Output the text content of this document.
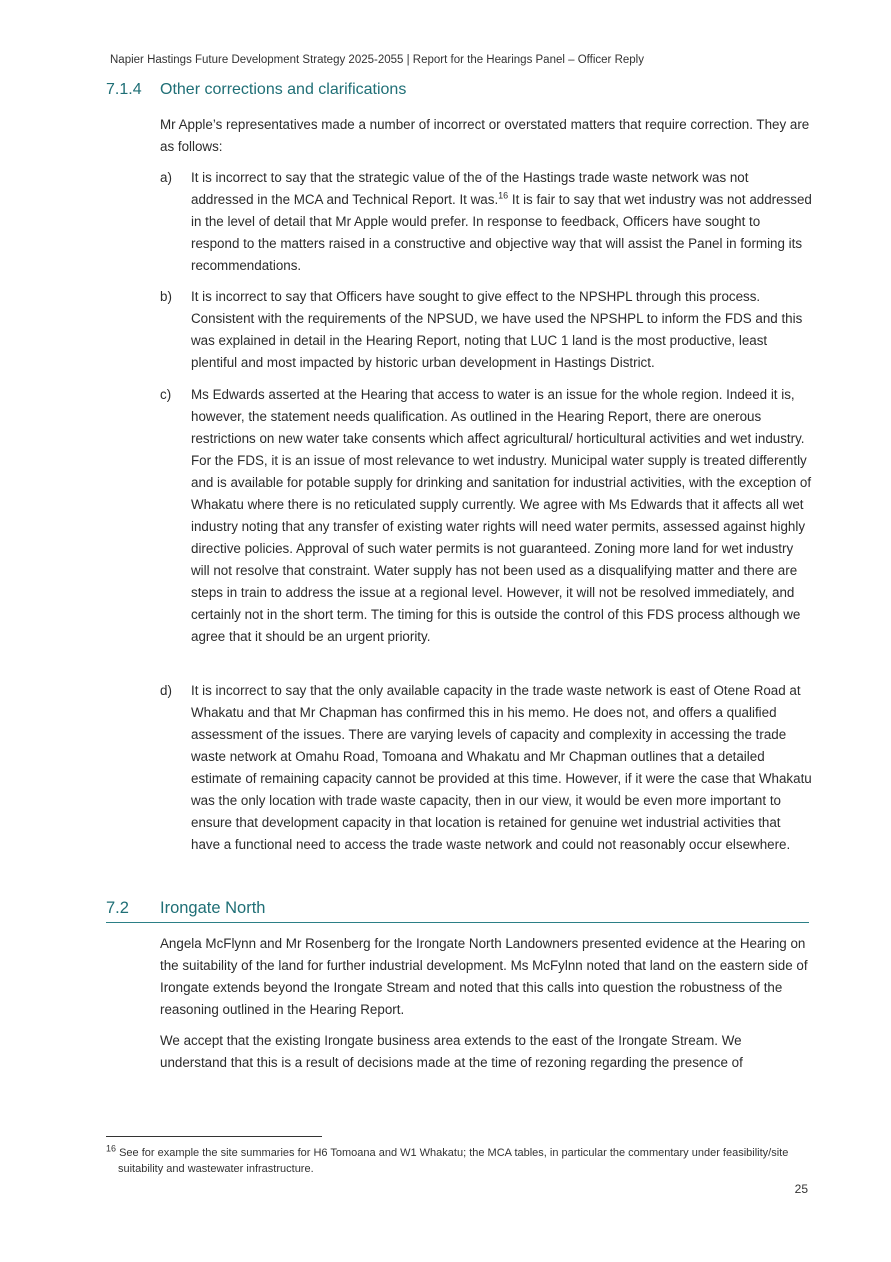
Napier Hastings Future Development Strategy 2025-2055 | Report for the Hearings Panel – Officer Reply
7.1.4 Other corrections and clarifications
Mr Apple’s representatives made a number of incorrect or overstated matters that require correction. They are as follows:
a)	It is incorrect to say that the strategic value of the of the Hastings trade waste network was not addressed in the MCA and Technical Report. It was.$^{16}$ It is fair to say that wet industry was not addressed in the level of detail that Mr Apple would prefer. In response to feedback, Officers have sought to respond to the matters raised in a constructive and objective way that will assist the Panel in forming its recommendations.
b)	It is incorrect to say that Officers have sought to give effect to the NPSHPL through this process. Consistent with the requirements of the NPSUD, we have used the NPSHPL to inform the FDS and this was explained in detail in the Hearing Report, noting that LUC 1 land is the most productive, least plentiful and most impacted by historic urban development in Hastings District.
c)	Ms Edwards asserted at the Hearing that access to water is an issue for the whole region. Indeed it is, however, the statement needs qualification. As outlined in the Hearing Report, there are onerous restrictions on new water take consents which affect agricultural/ horticultural activities and wet industry. For the FDS, it is an issue of most relevance to wet industry. Municipal water supply is treated differently and is available for potable supply for drinking and sanitation for industrial activities, with the exception of Whakatu where there is no reticulated supply currently. We agree with Ms Edwards that it affects all wet industry noting that any transfer of existing water rights will need water permits, assessed against highly directive policies. Approval of such water permits is not guaranteed. Zoning more land for wet industry will not resolve that constraint. Water supply has not been used as a disqualifying matter and there are steps in train to address the issue at a regional level. However, it will not be resolved immediately, and certainly not in the short term. The timing for this is outside the control of this FDS process although we agree that it should be an urgent priority.
d)	It is incorrect to say that the only available capacity in the trade waste network is east of Otene Road at Whakatu and that Mr Chapman has confirmed this in his memo. He does not, and offers a qualified assessment of the issues. There are varying levels of capacity and complexity in accessing the trade waste network at Omahu Road, Tomoana and Whakatu and Mr Chapman outlines that a detailed estimate of remaining capacity cannot be provided at this time. However, if it were the case that Whakatu was the only location with trade waste capacity, then in our view, it would be even more important to ensure that development capacity in that location is retained for genuine wet industrial activities that have a functional need to access the trade waste network and could not reasonably occur elsewhere.
7.2 Irongate North
Angela McFlynn and Mr Rosenberg for the Irongate North Landowners presented evidence at the Hearing on the suitability of the land for further industrial development. Ms McFylnn noted that land on the eastern side of Irongate extends beyond the Irongate Stream and noted that this calls into question the robustness of the reasoning outlined in the Hearing Report.
We accept that the existing Irongate business area extends to the east of the Irongate Stream. We understand that this is a result of decisions made at the time of rezoning regarding the presence of
$^{16}$ See for example the site summaries for H6 Tomoana and W1 Whakatu; the MCA tables, in particular the commentary under feasibility/site suitability and wastewater infrastructure.
25
